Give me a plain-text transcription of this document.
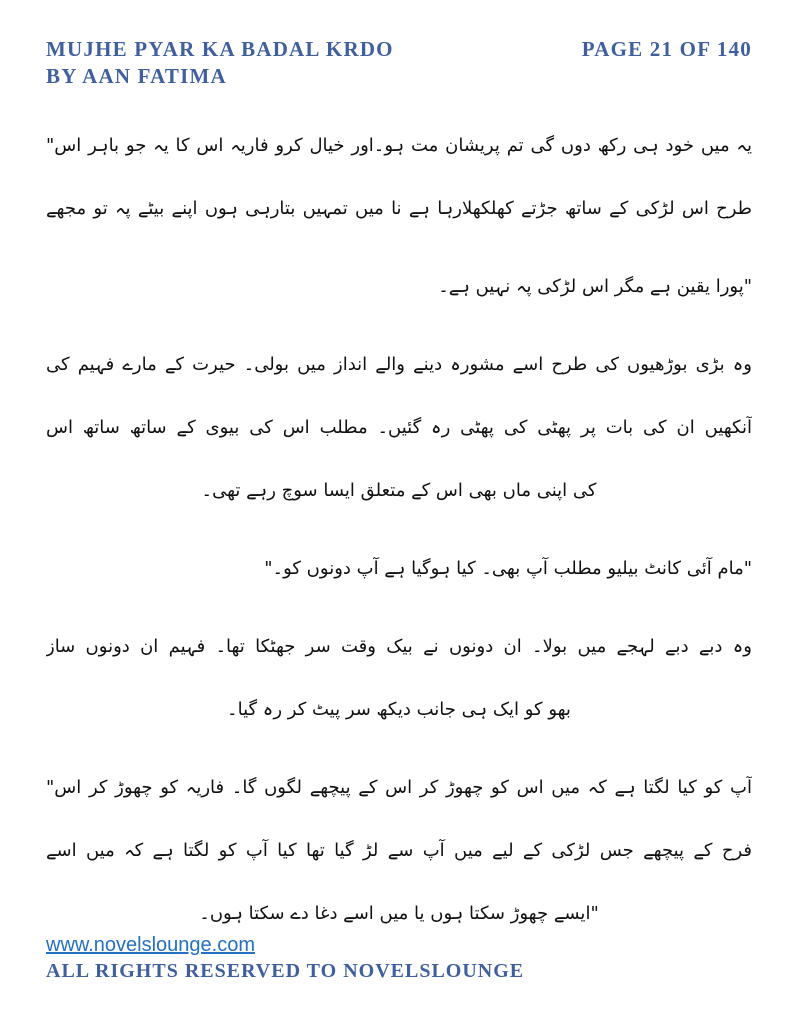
MUJHE PYAR KA BADAL KRDO
BY AAN FATIMA
PAGE 21 OF 140
یہ میں خود ہی رکھ دوں گی تم پریشان مت ہو۔اور خیال کرو فاریہ اس کا یہ جو باہر اس"
طرح اس لڑکی کے ساتھ جڑتے کھلکھلارہا ہے نا میں تمہیں بتارہی ہوں اپنے بیٹے پہ تو مجھے
"پورا یقین ہے مگر اس لڑکی پہ نہیں ہے۔
وہ بڑی بوڑھیوں کی طرح اسے مشورہ دینے والے انداز میں بولی۔ حیرت کے مارے فہیم کی
آنکھیں ان کی بات پر پھٹی کی پھٹی رہ گئیں۔ مطلب اس کی بیوی کے ساتھ ساتھ اس
کی اپنی ماں بھی اس کے متعلق ایسا سوچ رہے تھی۔
"مام آئی کانٹ بیلیو مطلب آپ بھی۔ کیا ہوگیا ہے آپ دونوں کو۔"
وہ دبے دبے لہجے میں بولا۔ ان دونوں نے بیک وقت سر جھٹکا تھا۔ فہیم ان دونوں ساز
بھو کو ایک ہی جانب دیکھ سر پیٹ کر رہ گیا۔
آپ کو کیا لگتا ہے کہ میں اس کو چھوڑ کر اس کے پیچھے لگوں گا۔ فاریہ کو چھوڑ کر اس"
فرح کے پیچھے جس لڑکی کے لیے میں آپ سے لڑ گیا تھا کیا آپ کو لگتا ہے کہ میں اسے
"ایسے چھوڑ سکتا ہوں یا میں اسے دغا دے سکتا ہوں۔
www.novelslounge.com
ALL RIGHTS RESERVED TO NOVELSLOUNGE
